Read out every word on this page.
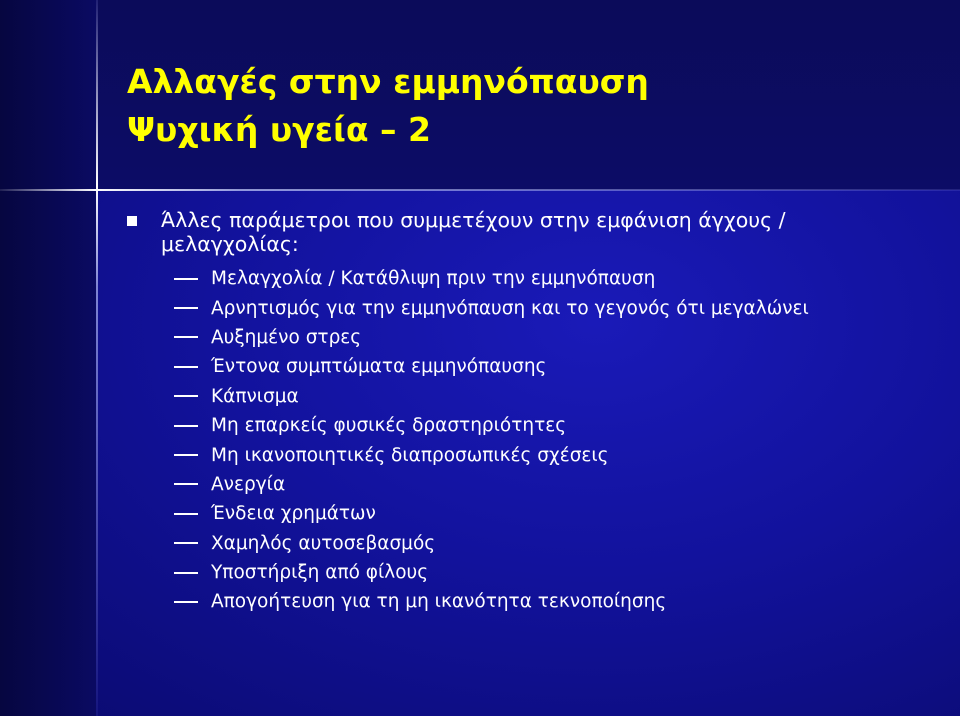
Αλλαγές στην εμμηνόπαυση
Ψυχική υγεία – 2
Άλλες παράμετροι που συμμετέχουν στην εμφάνιση άγχους / μελαγχολίας:
Μελαγχολία / Κατάθλιψη πριν την εμμηνόπαυση
Αρνητισμός για την εμμηνόπαυση και το γεγονός ότι μεγαλώνει
Αυξημένο στρες
Έντονα συμπτώματα εμμηνόπαυσης
Κάπνισμα
Μη επαρκείς φυσικές δραστηριότητες
Μη ικανοποιητικές διαπροσωπικές σχέσεις
Ανεργία
Ένδεια χρημάτων
Χαμηλός αυτοσεβασμός
Υποστήριξη από φίλους
Απογοήτευση για τη μη ικανότητα τεκνοποίησης
